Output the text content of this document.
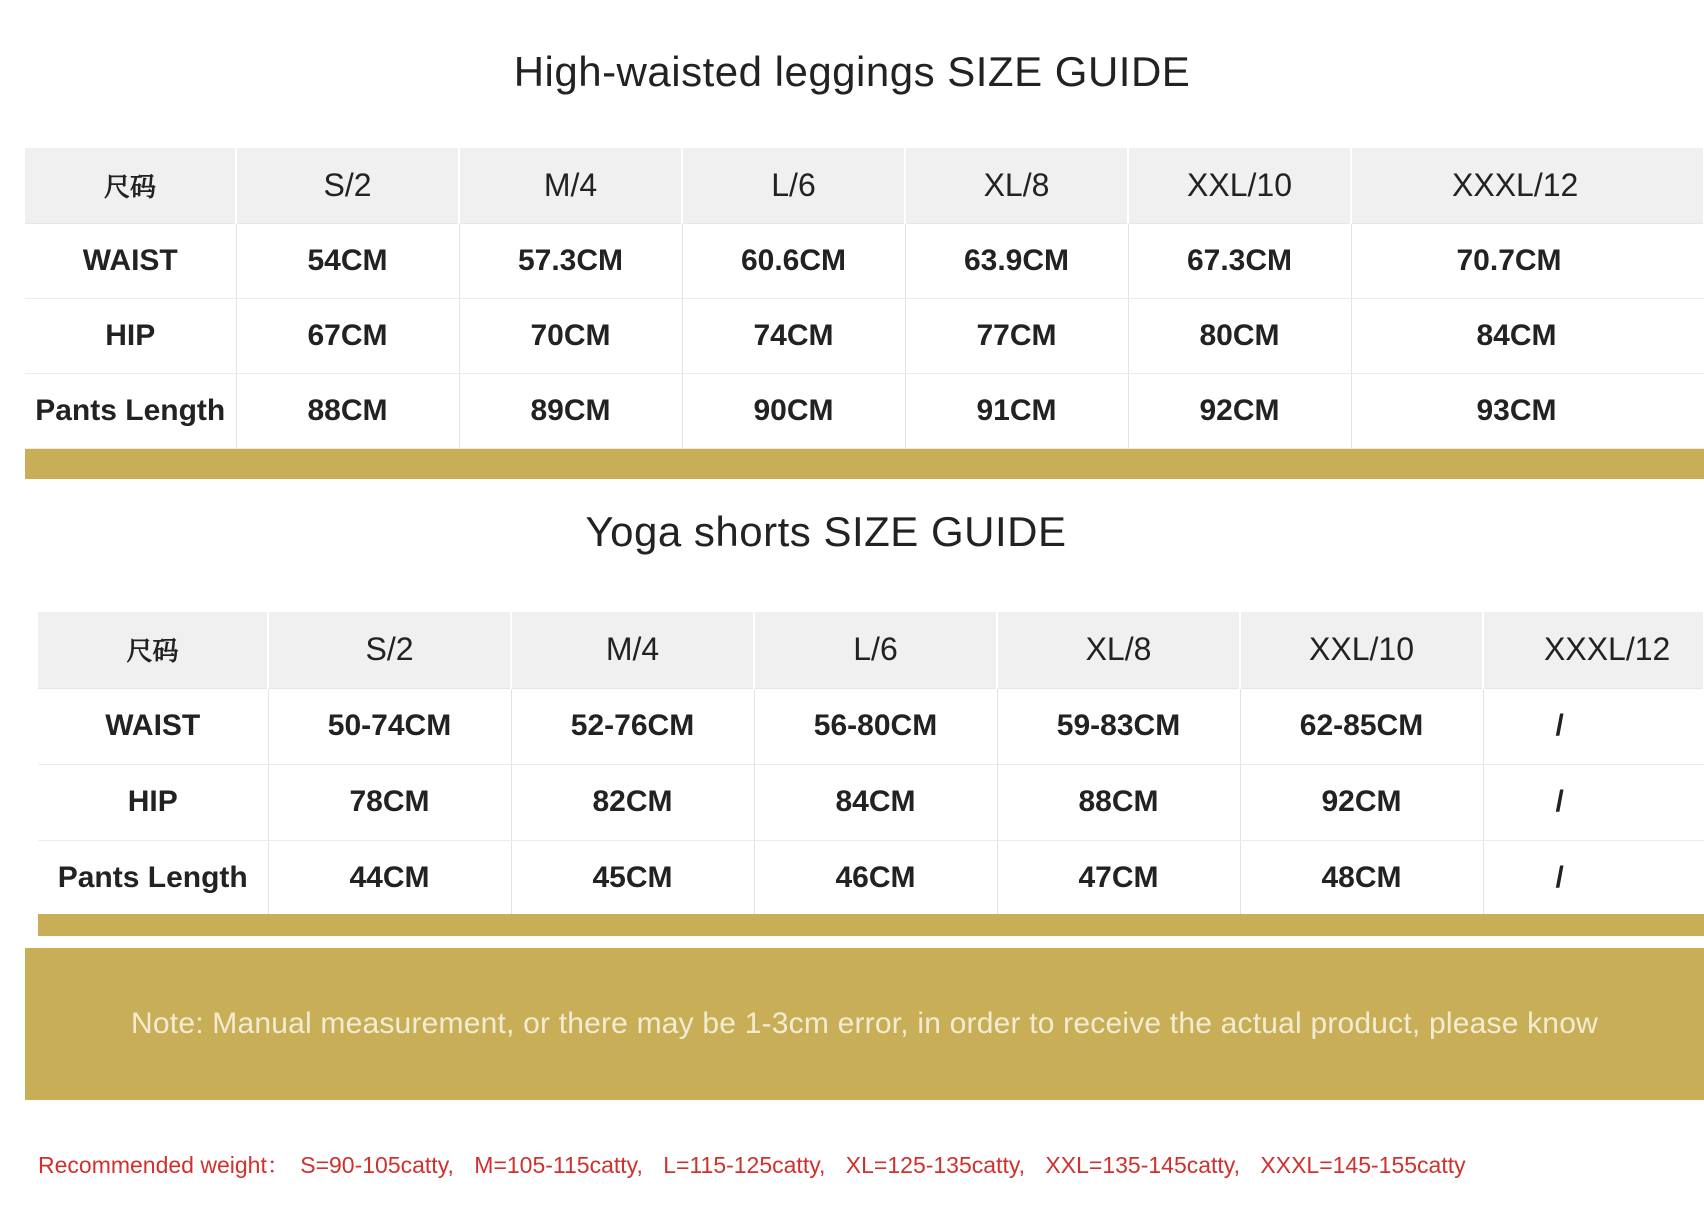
High-waisted leggings SIZE GUIDE
尺码	S/2	M/4	L/6	XL/8	XXL/10	XXXL/12
WAIST	54CM	57.3CM	60.6CM	63.9CM	67.3CM	70.7CM
HIP	67CM	70CM	74CM	77CM	80CM	84CM
Pants Length	88CM	89CM	90CM	91CM	92CM	93CM
Yoga shorts SIZE GUIDE
尺码	S/2	M/4	L/6	XL/8	XXL/10	XXXL/12
WAIST	50-74CM	52-76CM	56-80CM	59-83CM	62-85CM	/
HIP	78CM	82CM	84CM	88CM	92CM	/
Pants Length	44CM	45CM	46CM	47CM	48CM	/
Note: Manual measurement, or there may be 1-3cm error, in order to receive the actual product, please know
Recommended weight： S=90-105catty, M=105-115catty, L=115-125catty, XL=125-135catty, XXL=135-145catty, XXXL=145-155catty
